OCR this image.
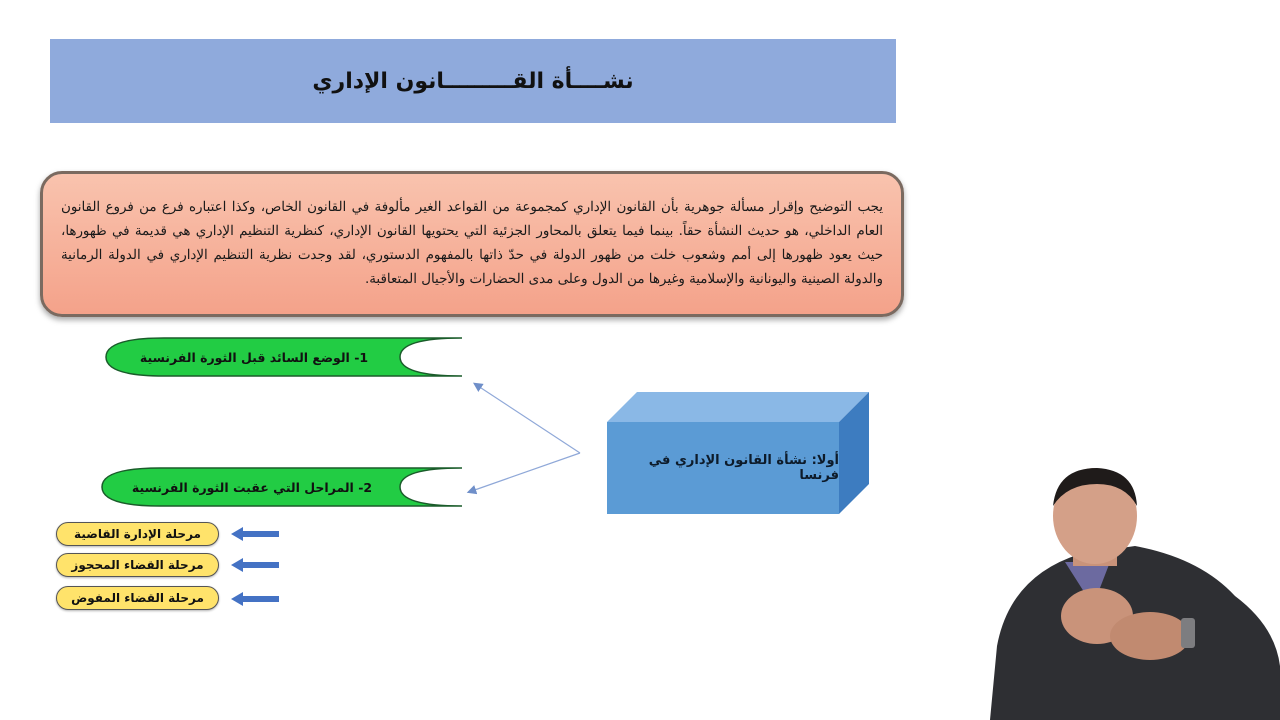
نشــــأة القـــــــــانون الإداري
يجب التوضيح وإقرار مسألة جوهرية بأن القانون الإداري كمجموعة من القواعد الغير مألوفة في القانون الخاص، وكذا اعتباره فرع من فروع القانون العام الداخلي، هو حديث النشأة حقاً. بينما فيما يتعلق بالمحاور الجزئية التي يحتويها القانون الإداري، كنظرية التنظيم الإداري هي قديمة في ظهورها، حيث يعود ظهورها إلى أمم وشعوب خلت من ظهور الدولة في حدّ ذاتها بالمفهوم الدستوري، لقد وجدت نظرية التنظيم الإداري في الدولة الرمانية والدولة الصينية واليونانية والإسلامية وغيرها من الدول وعلى مدى الحضارات والأجيال المتعاقبة.
1- الوضع السائد قبل الثورة الفرنسية
2- المراحل التي عقبت الثورة الفرنسية
أولا: نشأة القانون الإداري في فرنسا
مرحلة الإدارة القاضية
مرحلة القضاء المحجوز
مرحلة القضاء المفوض
